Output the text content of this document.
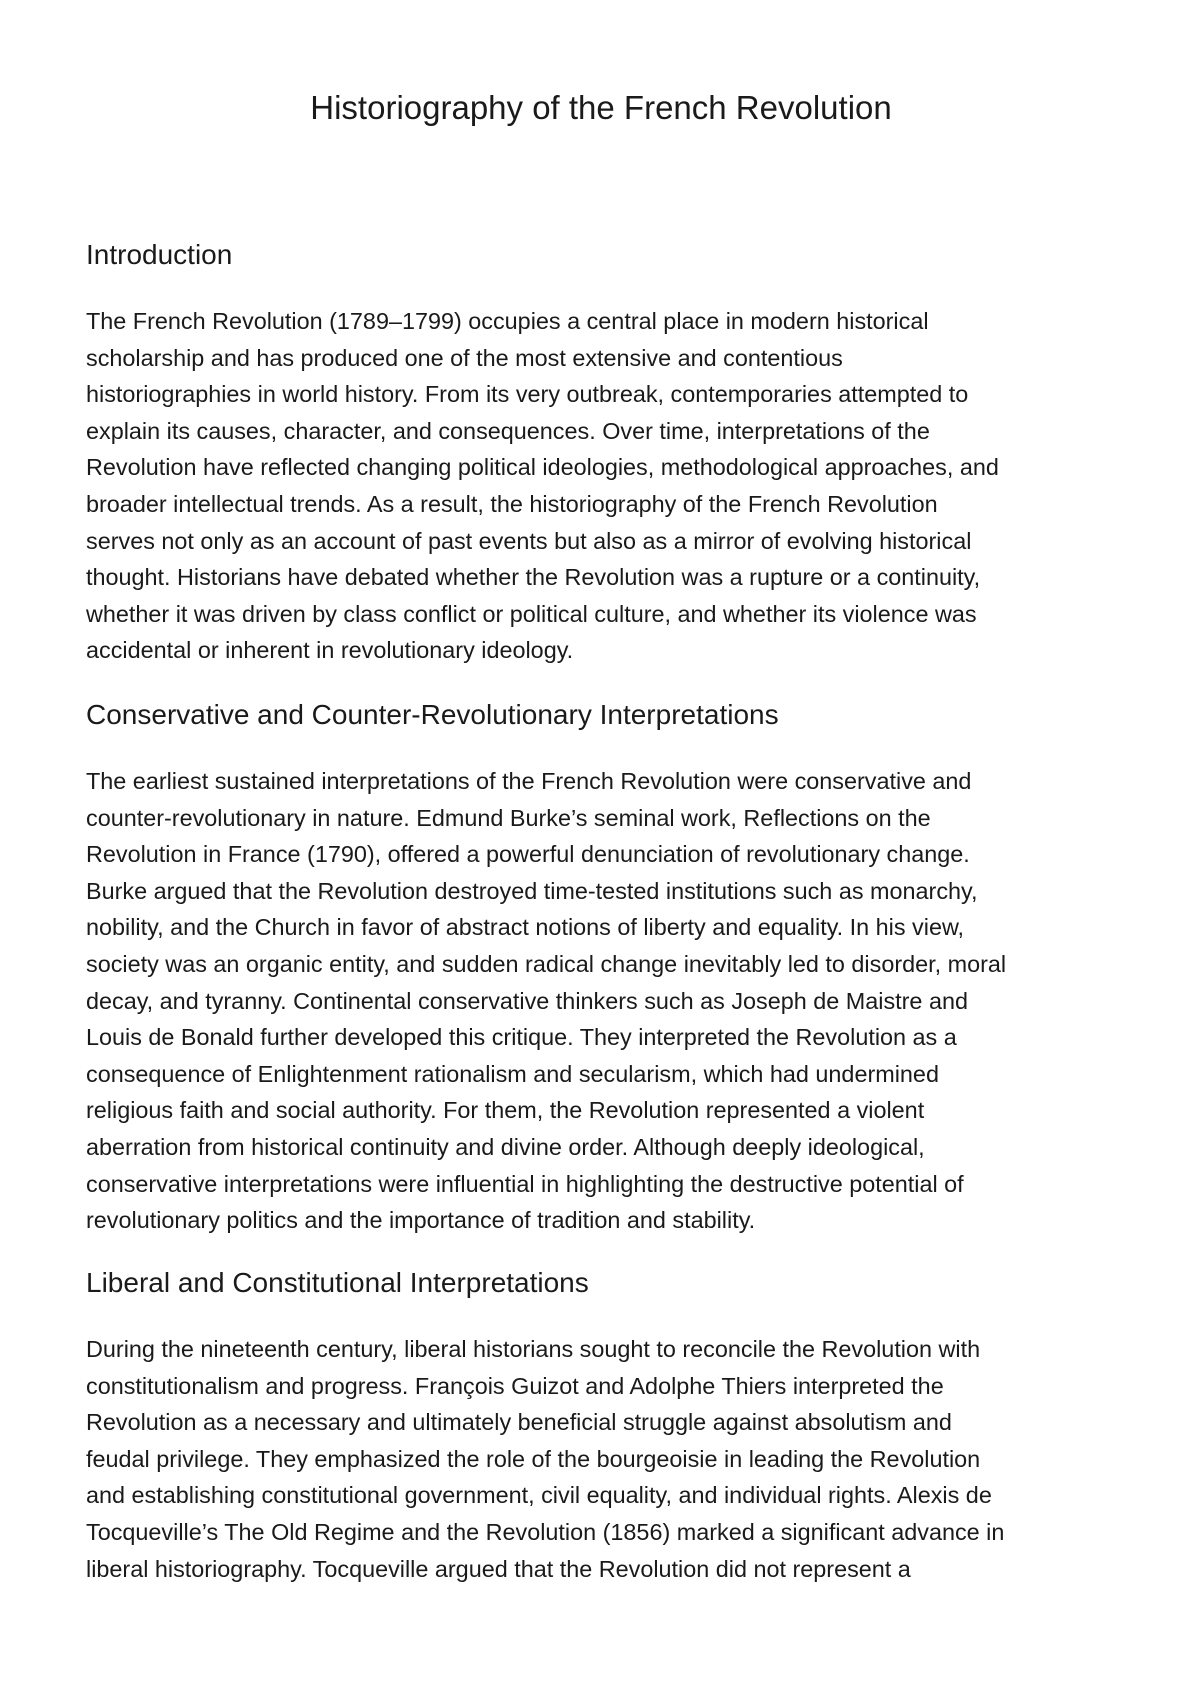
Historiography of the French Revolution
Introduction

The French Revolution (1789–1799) occupies a central place in modern historical
scholarship and has produced one of the most extensive and contentious
historiographies in world history. From its very outbreak, contemporaries attempted to
explain its causes, character, and consequences. Over time, interpretations of the
Revolution have reflected changing political ideologies, methodological approaches, and
broader intellectual trends. As a result, the historiography of the French Revolution
serves not only as an account of past events but also as a mirror of evolving historical
thought. Historians have debated whether the Revolution was a rupture or a continuity,
whether it was driven by class conflict or political culture, and whether its violence was
accidental or inherent in revolutionary ideology.

Conservative and Counter-Revolutionary Interpretations

The earliest sustained interpretations of the French Revolution were conservative and
counter-revolutionary in nature. Edmund Burke’s seminal work, Reflections on the
Revolution in France (1790), offered a powerful denunciation of revolutionary change.
Burke argued that the Revolution destroyed time-tested institutions such as monarchy,
nobility, and the Church in favor of abstract notions of liberty and equality. In his view,
society was an organic entity, and sudden radical change inevitably led to disorder, moral
decay, and tyranny. Continental conservative thinkers such as Joseph de Maistre and
Louis de Bonald further developed this critique. They interpreted the Revolution as a
consequence of Enlightenment rationalism and secularism, which had undermined
religious faith and social authority. For them, the Revolution represented a violent
aberration from historical continuity and divine order. Although deeply ideological,
conservative interpretations were influential in highlighting the destructive potential of
revolutionary politics and the importance of tradition and stability.

Liberal and Constitutional Interpretations

During the nineteenth century, liberal historians sought to reconcile the Revolution with
constitutionalism and progress. François Guizot and Adolphe Thiers interpreted the
Revolution as a necessary and ultimately beneficial struggle against absolutism and
feudal privilege. They emphasized the role of the bourgeoisie in leading the Revolution
and establishing constitutional government, civil equality, and individual rights. Alexis de
Tocqueville’s The Old Regime and the Revolution (1856) marked a significant advance in
liberal historiography. Tocqueville argued that the Revolution did not represent a
